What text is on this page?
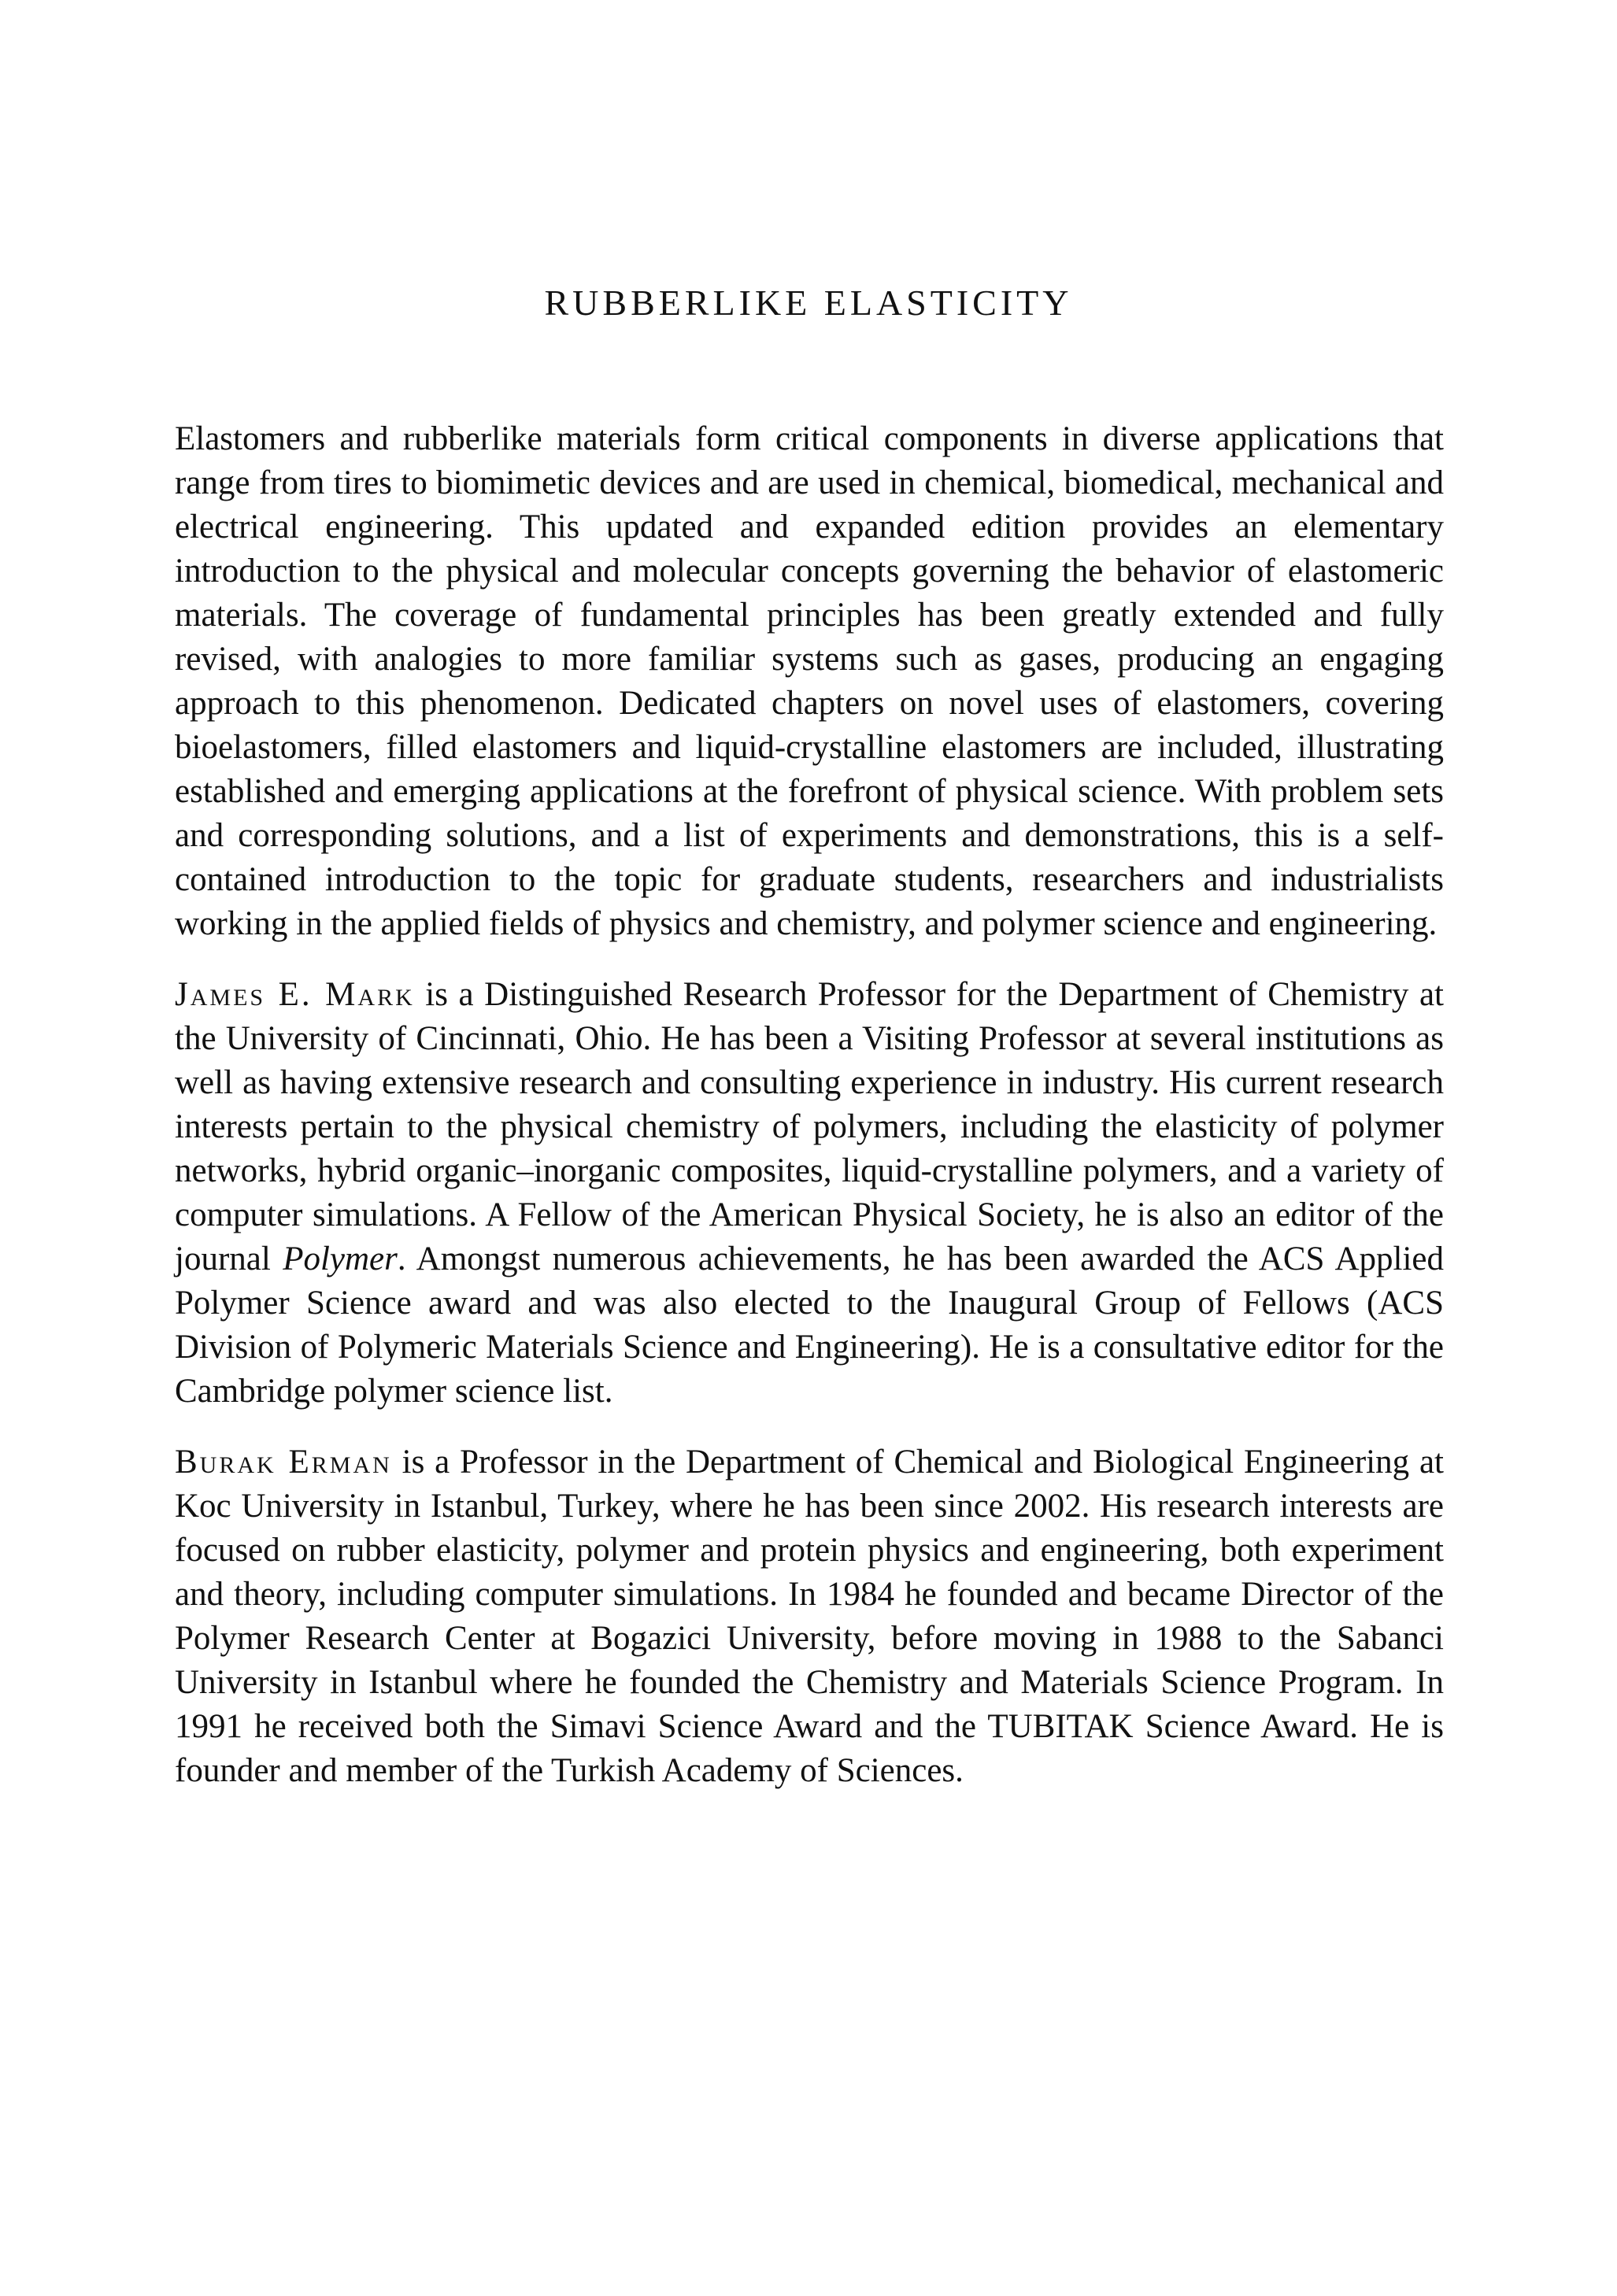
RUBBERLIKE ELASTICITY

Elastomers and rubberlike materials form critical components in diverse applications that range from tires to biomimetic devices and are used in chemical, biomedical, mechanical and electrical engineering. This updated and expanded edition provides an elementary introduction to the physical and molecular concepts governing the behavior of elastomeric materials. The coverage of fundamental principles has been greatly extended and fully revised, with analogies to more familiar systems such as gases, producing an engaging approach to this phenomenon. Dedicated chapters on novel uses of elastomers, covering bioelastomers, filled elastomers and liquid-crystalline elastomers are included, illustrating established and emerging applications at the forefront of physical science. With problem sets and corresponding solutions, and a list of experiments and demonstrations, this is a self-contained introduction to the topic for graduate students, researchers and industrialists working in the applied fields of physics and chemistry, and polymer science and engineering.

James E. Mark is a Distinguished Research Professor for the Department of Chemistry at the University of Cincinnati, Ohio. He has been a Visiting Professor at several institutions as well as having extensive research and consulting experience in industry. His current research interests pertain to the physical chemistry of polymers, including the elasticity of polymer networks, hybrid organic–inorganic composites, liquid-crystalline polymers, and a variety of computer simulations. A Fellow of the American Physical Society, he is also an editor of the journal Polymer. Amongst numerous achievements, he has been awarded the ACS Applied Polymer Science award and was also elected to the Inaugural Group of Fellows (ACS Division of Polymeric Materials Science and Engineering). He is a consultative editor for the Cambridge polymer science list.

Burak Erman is a Professor in the Department of Chemical and Biological Engineering at Koc University in Istanbul, Turkey, where he has been since 2002. His research interests are focused on rubber elasticity, polymer and protein physics and engineering, both experiment and theory, including computer simulations. In 1984 he founded and became Director of the Polymer Research Center at Bogazici University, before moving in 1988 to the Sabanci University in Istanbul where he founded the Chemistry and Materials Science Program. In 1991 he received both the Simavi Science Award and the TUBITAK Science Award. He is founder and member of the Turkish Academy of Sciences.
